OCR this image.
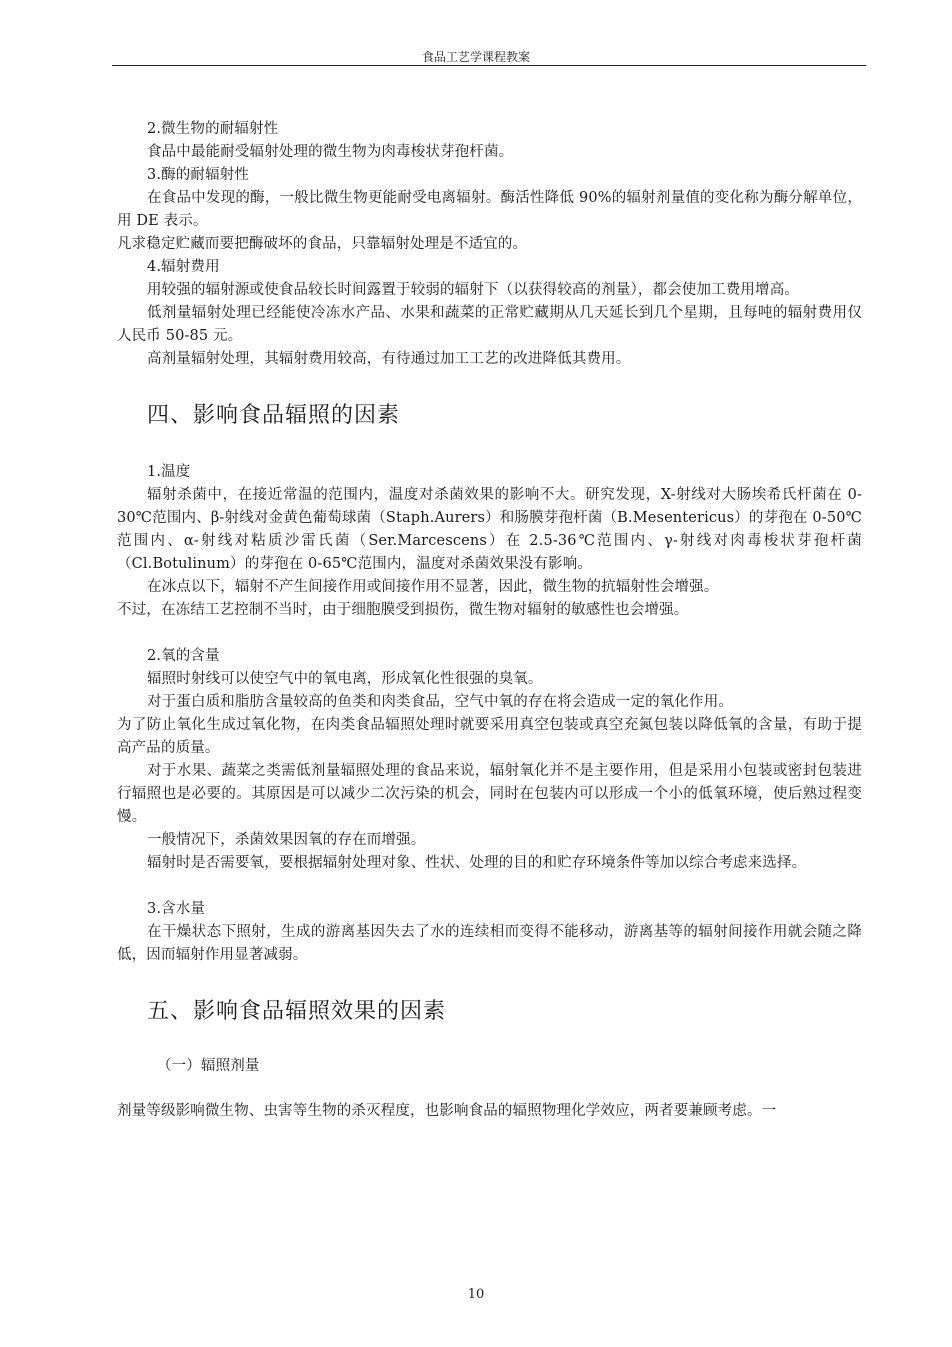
食品工艺学课程教案

2.微生物的耐辐射性

食品中最能耐受辐射处理的微生物为肉毒梭状芽孢杆菌。

3.酶的耐辐射性

在食品中发现的酶，一般比微生物更能耐受电离辐射。酶活性降低 90%的辐射剂量值的变化称为酶分解单位，用 DE 表示。

凡求稳定贮藏而要把酶破坏的食品，只靠辐射处理是不适宜的。

4.辐射费用

用较强的辐射源或使食品较长时间露置于较弱的辐射下（以获得较高的剂量），都会使加工费用增高。

低剂量辐射处理已经能使冷冻水产品、水果和蔬菜的正常贮藏期从几天延长到几个星期，且每吨的辐射费用仅人民币 50-85 元。

高剂量辐射处理，其辐射费用较高，有待通过加工工艺的改进降低其费用。

四、影响食品辐照的因素

1.温度

辐射杀菌中，在接近常温的范围内，温度对杀菌效果的影响不大。研究发现，X-射线对大肠埃希氏杆菌在 0-30℃范围内、β-射线对金黄色葡萄球菌（Staph.Aurers）和肠膜芽孢杆菌（B.Mesentericus）的芽孢在 0-50℃范围内、α-射线对粘质沙雷氏菌（Ser.Marcescens）在 2.5-36℃范围内、γ-射线对肉毒梭状芽孢杆菌（Cl.Botulinum）的芽孢在 0-65℃范围内，温度对杀菌效果没有影响。

在冰点以下，辐射不产生间接作用或间接作用不显著，因此，微生物的抗辐射性会增强。

不过，在冻结工艺控制不当时，由于细胞膜受到损伤，微生物对辐射的敏感性也会增强。

2.氧的含量

辐照时射线可以使空气中的氧电离，形成氧化性很强的臭氧。

对于蛋白质和脂肪含量较高的鱼类和肉类食品，空气中氧的存在将会造成一定的氧化作用。

为了防止氧化生成过氧化物，在肉类食品辐照处理时就要采用真空包装或真空充氮包装以降低氧的含量，有助于提高产品的质量。

对于水果、蔬菜之类需低剂量辐照处理的食品来说，辐射氧化并不是主要作用，但是采用小包装或密封包装进行辐照也是必要的。其原因是可以减少二次污染的机会，同时在包装内可以形成一个小的低氧环境，使后熟过程变慢。

一般情况下，杀菌效果因氧的存在而增强。

辐射时是否需要氧，要根据辐射处理对象、性状、处理的目的和贮存环境条件等加以综合考虑来选择。

3.含水量

在干燥状态下照射，生成的游离基因失去了水的连续相而变得不能移动，游离基等的辐射间接作用就会随之降低，因而辐射作用显著减弱。

五、影响食品辐照效果的因素

（一）辐照剂量

剂量等级影响微生物、虫害等生物的杀灭程度，也影响食品的辐照物理化学效应，两者要兼顾考虑。一

10
